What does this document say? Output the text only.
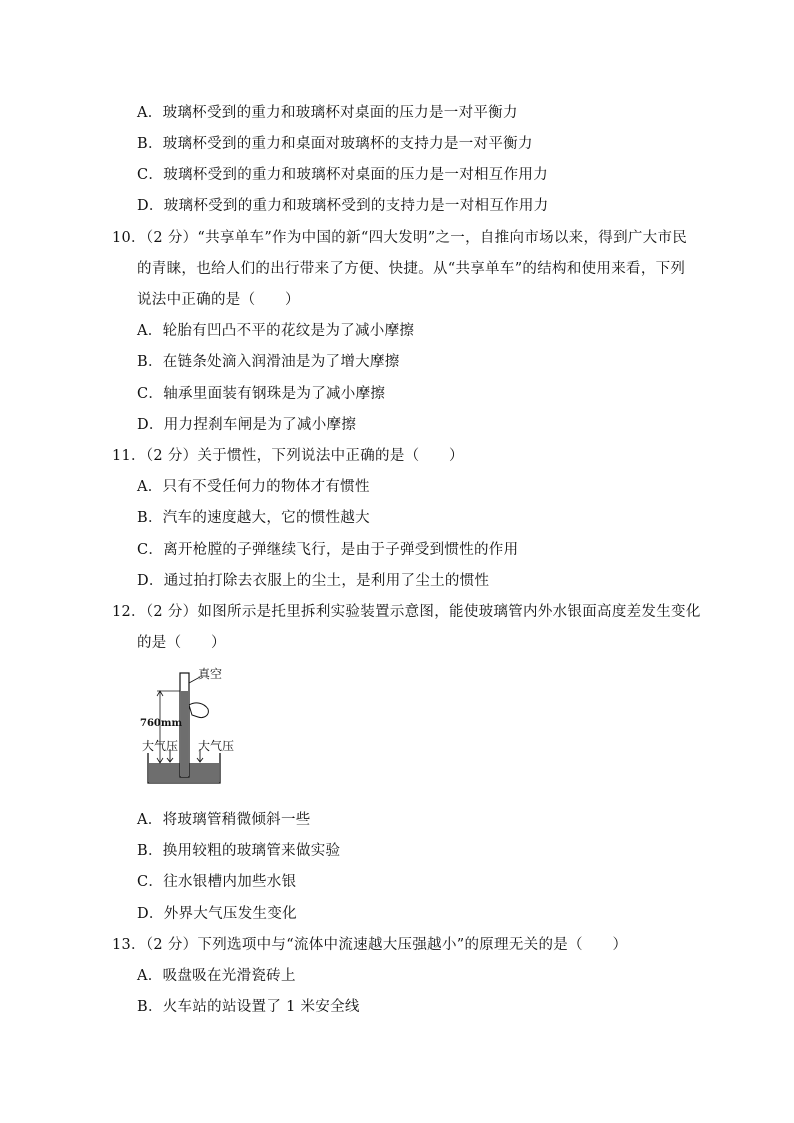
A．玻璃杯受到的重力和玻璃杯对桌面的压力是一对平衡力
B．玻璃杯受到的重力和桌面对玻璃杯的支持力是一对平衡力
C．玻璃杯受到的重力和玻璃杯对桌面的压力是一对相互作用力
D．玻璃杯受到的重力和玻璃杯受到的支持力是一对相互作用力
10．（2 分）“共享单车”作为中国的新“四大发明”之一，自推向市场以来，得到广大市民
的青睐，也给人们的出行带来了方便、快捷。从“共享单车”的结构和使用来看，下列
说法中正确的是（　　）
A．轮胎有凹凸不平的花纹是为了减小摩擦
B．在链条处滴入润滑油是为了增大摩擦
C．轴承里面装有钢珠是为了减小摩擦
D．用力捏刹车闸是为了减小摩擦
11．（2 分）关于惯性，下列说法中正确的是（　　）
A．只有不受任何力的物体才有惯性
B．汽车的速度越大，它的惯性越大
C．离开枪膛的子弹继续飞行，是由于子弹受到惯性的作用
D．通过拍打除去衣服上的尘土，是利用了尘土的惯性
12．（2 分）如图所示是托里拆利实验装置示意图，能使玻璃管内外水银面高度差发生变化
的是（　　）
真空
760mm
大气压 大气压
A．将玻璃管稍微倾斜一些
B．换用较粗的玻璃管来做实验
C．往水银槽内加些水银
D．外界大气压发生变化
13．（2 分）下列选项中与“流体中流速越大压强越小”的原理无关的是（　　）
A．吸盘吸在光滑瓷砖上
B．火车站的站设置了 1 米安全线
